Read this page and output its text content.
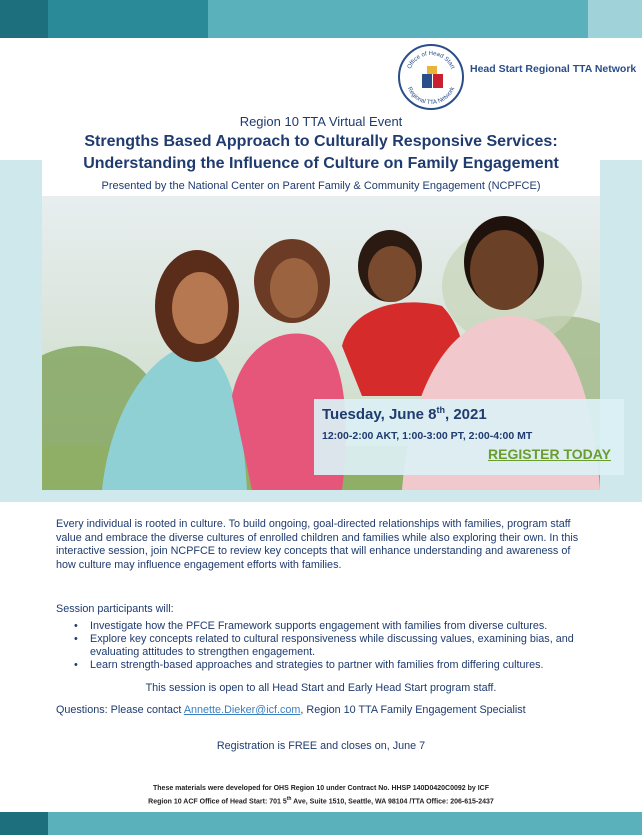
Office of Head Start
Regional TTA Network
Head Start Regional TTA Network
Region 10 TTA Virtual Event
Strengths Based Approach to Culturally Responsive Services:
Understanding the Influence of Culture on Family Engagement
Presented by the National Center on Parent Family & Community Engagement (NCPFCE)
Tuesday, June 8th, 2021
12:00-2:00 AKT, 1:00-3:00 PT, 2:00-4:00 MT
REGISTER TODAY
Every individual is rooted in culture. To build ongoing, goal-directed relationships with families, program staff value and embrace the diverse cultures of enrolled children and families while also exploring their own. In this interactive session, join NCPFCE to review key concepts that will enhance understanding and awareness of how culture may influence engagement efforts with families.
Session participants will:
• Investigate how the PFCE Framework supports engagement with families from diverse cultures.
• Explore key concepts related to cultural responsiveness while discussing values, examining bias, and evaluating attitudes to strengthen engagement.
• Learn strength-based approaches and strategies to partner with families from differing cultures.
This session is open to all Head Start and Early Head Start program staff.
Questions: Please contact Annette.Dieker@icf.com, Region 10 TTA Family Engagement Specialist
Registration is FREE and closes on, June 7
These materials were developed for OHS Region 10 under Contract No. HHSP 140D0420C0092 by ICF
Region 10 ACF Office of Head Start: 701 5th Ave, Suite 1510, Seattle, WA 98104 /TTA Office: 206-615-2437
